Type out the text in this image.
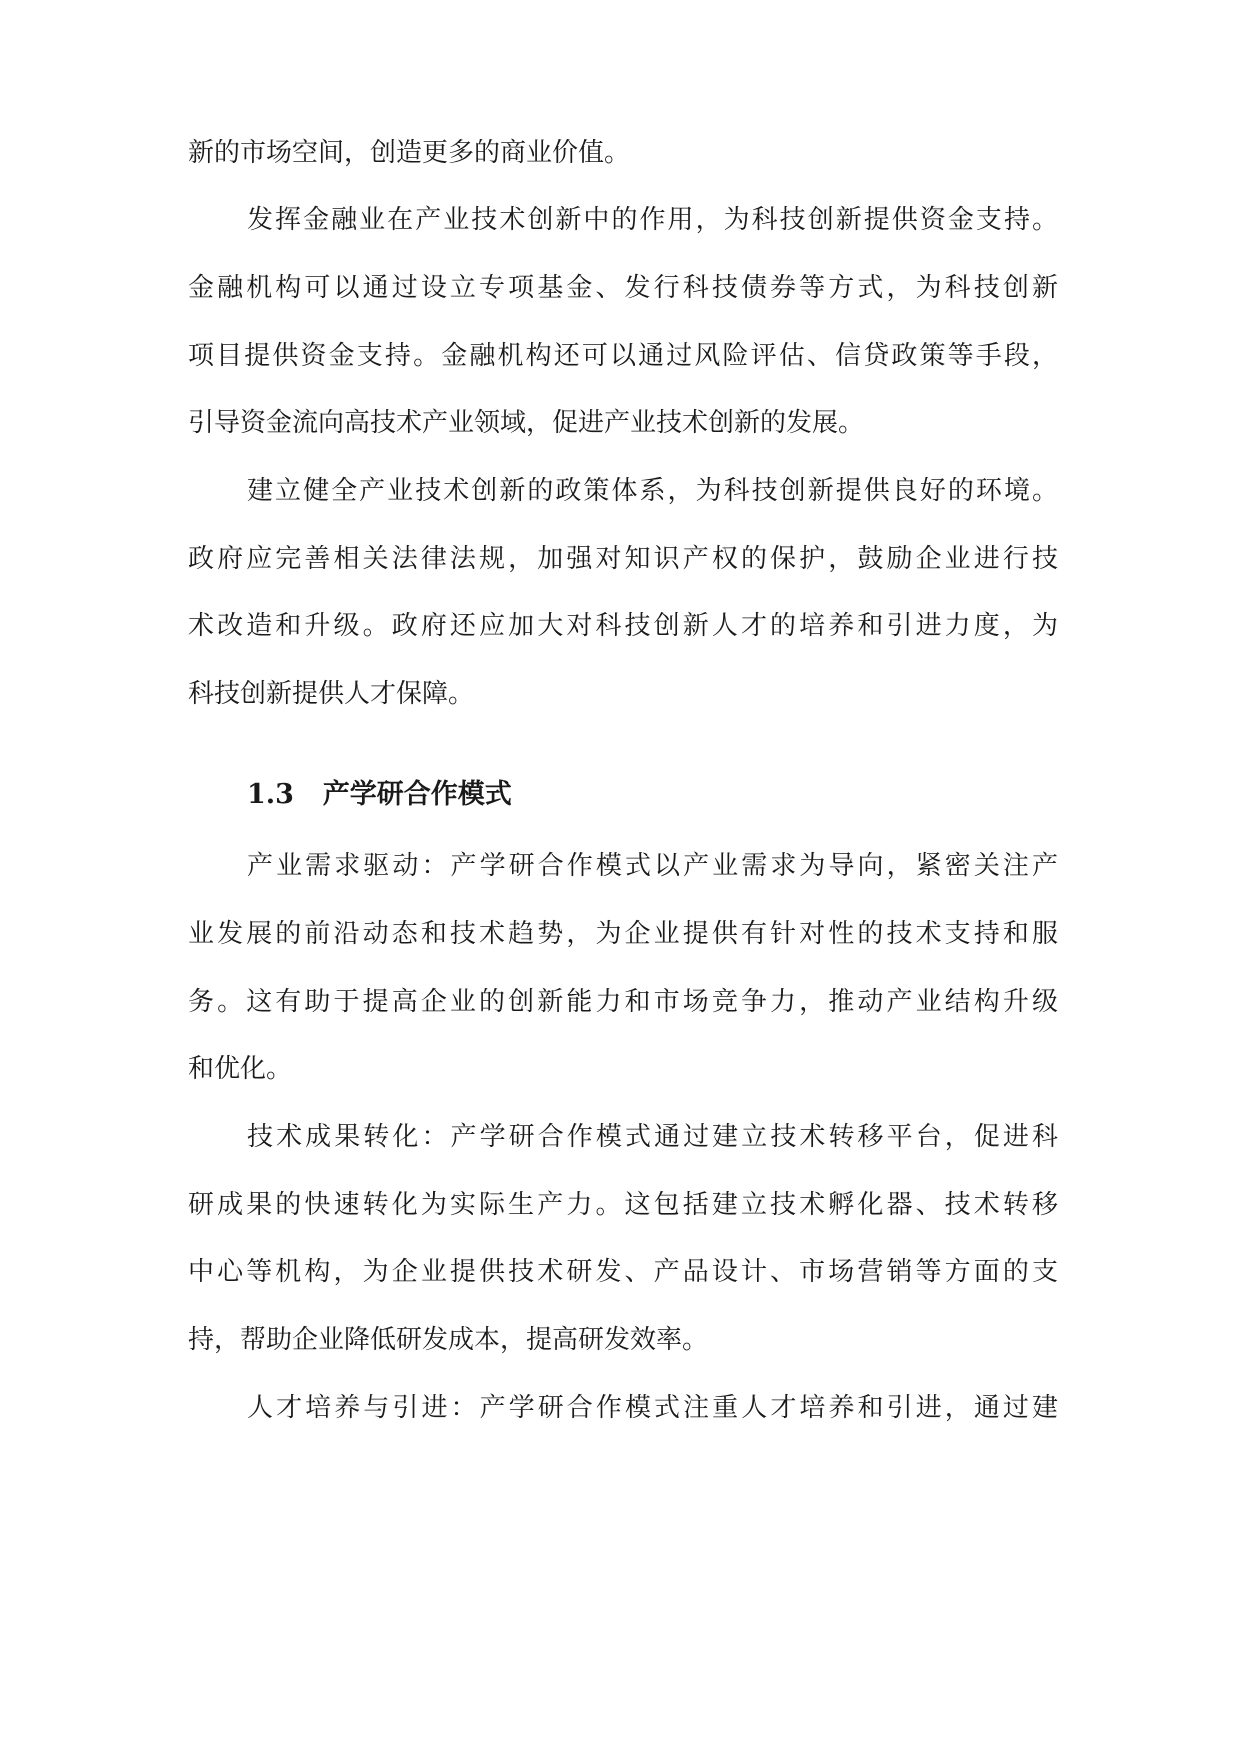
新的市场空间，创造更多的商业价值。
发挥金融业在产业技术创新中的作用，为科技创新提供资金支持。
金融机构可以通过设立专项基金、发行科技债券等方式，为科技创新
项目提供资金支持。金融机构还可以通过风险评估、信贷政策等手段，
引导资金流向高技术产业领域，促进产业技术创新的发展。
建立健全产业技术创新的政策体系，为科技创新提供良好的环境。
政府应完善相关法律法规，加强对知识产权的保护，鼓励企业进行技
术改造和升级。政府还应加大对科技创新人才的培养和引进力度，为
科技创新提供人才保障。
1.3 产学研合作模式
产业需求驱动：产学研合作模式以产业需求为导向，紧密关注产
业发展的前沿动态和技术趋势，为企业提供有针对性的技术支持和服
务。这有助于提高企业的创新能力和市场竞争力，推动产业结构升级
和优化。
技术成果转化：产学研合作模式通过建立技术转移平台，促进科
研成果的快速转化为实际生产力。这包括建立技术孵化器、技术转移
中心等机构，为企业提供技术研发、产品设计、市场营销等方面的支
持，帮助企业降低研发成本，提高研发效率。
人才培养与引进：产学研合作模式注重人才培养和引进，通过建
